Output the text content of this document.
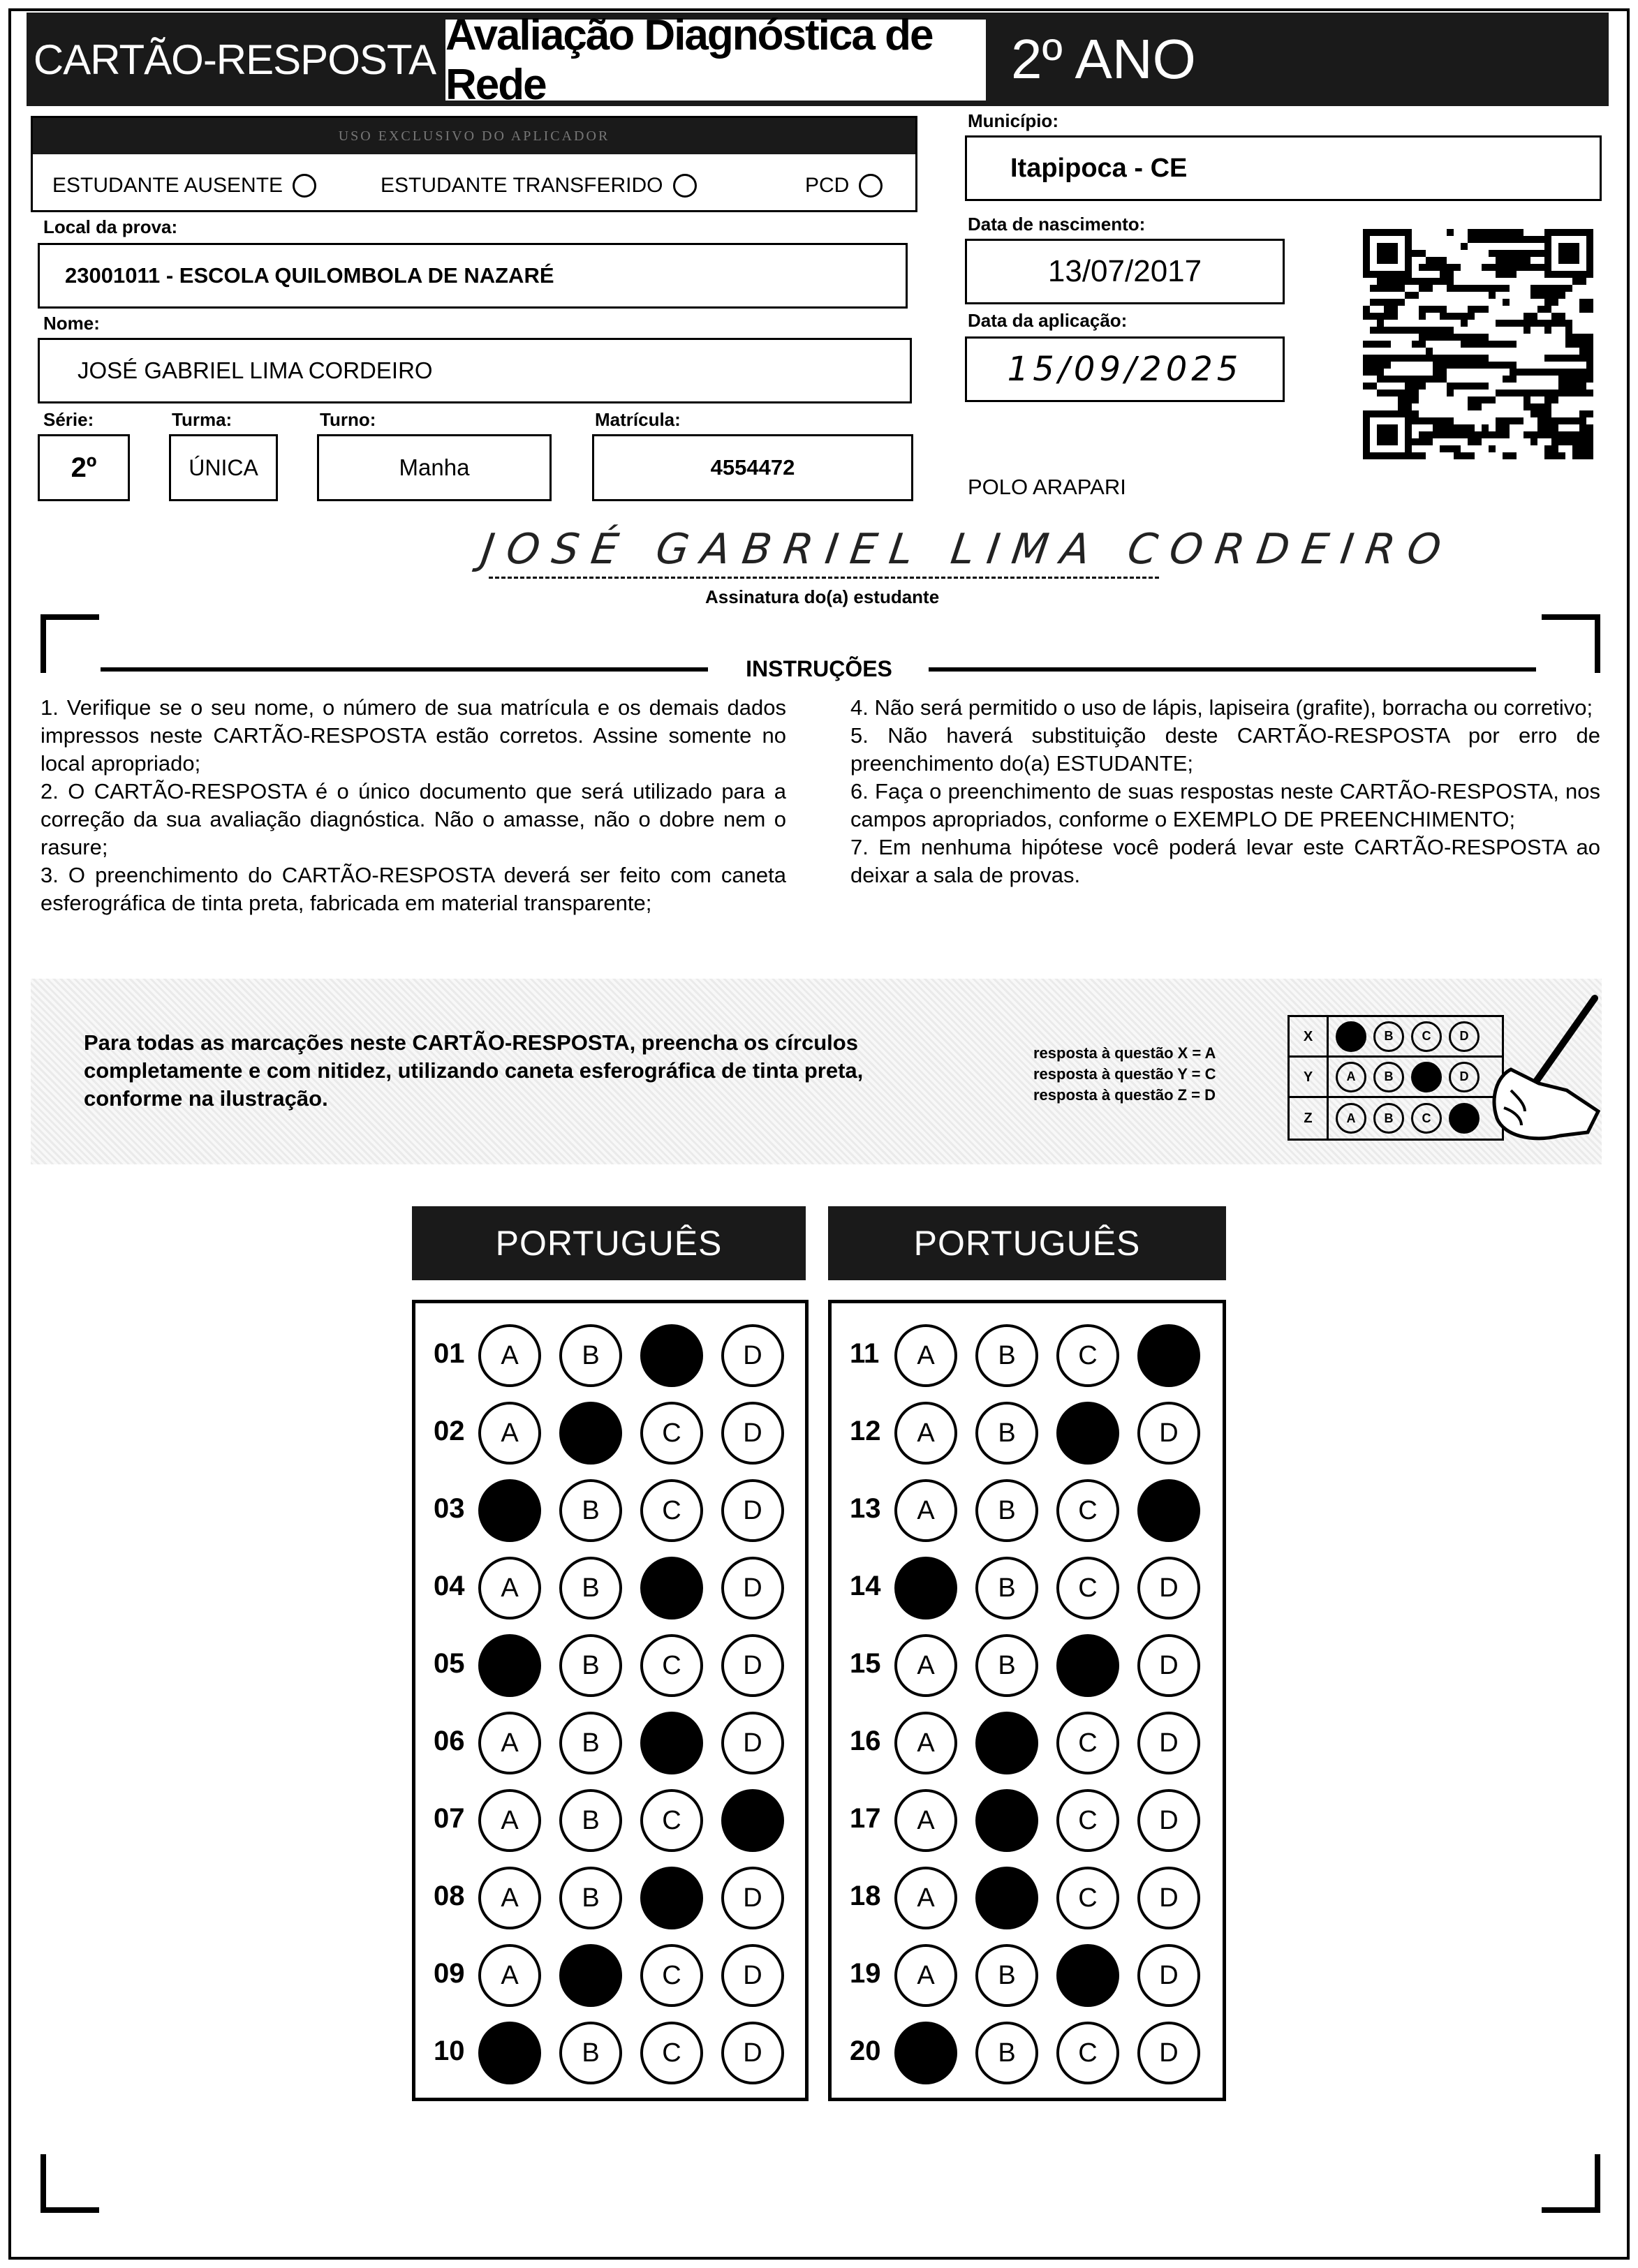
CARTÃO-RESPOSTA Avaliação Diagnóstica de Rede	2º ANO
USO EXCLUSIVO DO APLICADOR
ESTUDANTE AUSENTE	ESTUDANTE TRANSFERIDO	PCD
Município:
Itapipoca - CE
Data de nascimento:
13/07/2017
Data da aplicação:
15/09/2025
Local da prova:
23001011 - ESCOLA QUILOMBOLA DE NAZARÉ
Nome:
JOSÉ GABRIEL LIMA CORDEIRO
Série:
2º
Turma:
ÚNICA
Turno:
Manha
Matrícula:
4554472
POLO ARAPARI
JOSÉ GABRIEL LIMA CORDEIRO
Assinatura do(a) estudante
INSTRUÇÕES

1. Verifique se o seu nome, o número de sua matrícula e os demais dados impressos neste CARTÃO-RESPOSTA estão corretos. Assine somente no local apropriado;

2. O CARTÃO-RESPOSTA é o único documento que será utilizado para a correção da sua avaliação diagnóstica. Não o amasse, não o dobre nem o rasure;

3. O preenchimento do CARTÃO-RESPOSTA deverá ser feito com caneta esferográfica de tinta preta, fabricada em material transparente;

4. Não será permitido o uso de lápis, lapiseira (grafite), borracha ou corretivo;

5. Não haverá substituição deste CARTÃO-RESPOSTA por erro de preenchimento do(a) ESTUDANTE;

6. Faça o preenchimento de suas respostas neste CARTÃO-RESPOSTA, nos campos apropriados, conforme o EXEMPLO DE PREENCHIMENTO;

7. Em nenhuma hipótese você poderá levar este CARTÃO-RESPOSTA ao deixar a sala de provas.

Para todas as marcações neste CARTÃO-RESPOSTA, preencha os círculos completamente e com nitidez, utilizando caneta esferográfica de tinta preta, conforme na ilustração.
resposta à questão X = A
resposta à questão Y = C
resposta à questão Z = D
X	B	C	D
Y	A	B	D
Z	A	B	C
PORTUGUÊS	PORTUGUÊS
01	A	B	C	D
02	A	B	C	D
03	A	B	C	D
04	A	B	C	D
05	A	B	C	D
06	A	B	C	D
07	A	B	C	D
08	A	B	C	D
09	A	B	C	D
10	A	B	C	D
11	A	B	C	D
12	A	B	C	D
13	A	B	C	D
14	A	B	C	D
15	A	B	C	D
16	A	B	C	D
17	A	B	C	D
18	A	B	C	D
19	A	B	C	D
20	A	B	C	D
